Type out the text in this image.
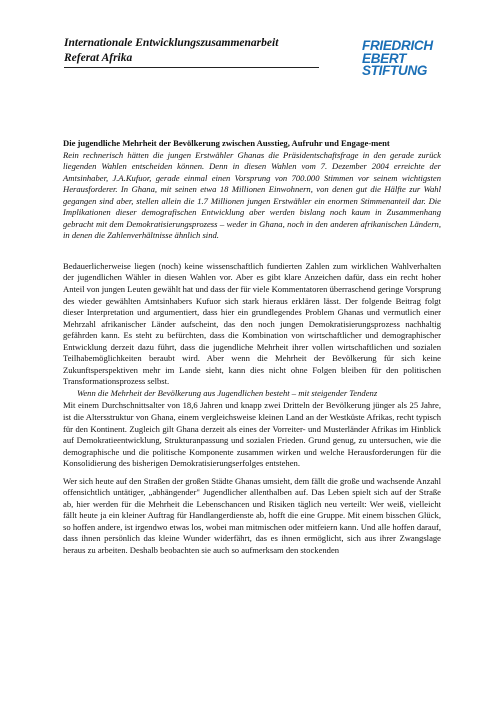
Internationale Entwicklungszusammenarbeit
Referat Afrika
FRIEDRICH
EBERT
STIFTUNG
Die jugendliche Mehrheit der Bevölkerung zwischen Ausstieg, Aufruhr und Engage-ment
Rein rechnerisch hätten die jungen Erstwähler Ghanas die Präsidentschaftsfrage in den gerade zurück liegenden Wahlen entscheiden können. Denn in diesen Wahlen vom 7. Dezember 2004 erreichte der Amtsinhaber, J.A.Kufuor, gerade einmal einen Vorsprung von 700.000 Stimmen vor seinem wichtigsten Herausforderer. In Ghana, mit seinen etwa 18 Millionen Einwohnern, von denen gut die Hälfte zur Wahl gegangen sind aber, stellen allein die 1.7 Millionen jungen Erstwähler ein enormen Stimmenanteil dar. Die Implikationen dieser demografischen Entwicklung aber werden bislang noch kaum in Zusammenhang gebracht mit dem Demokratisierungsprozess – weder in Ghana, noch in den anderen afrikanischen Ländern, in denen die Zahlenverhältnisse ähnlich sind.
Bedauerlicherweise liegen (noch) keine wissenschaftlich fundierten Zahlen zum wirklichen Wahlverhalten der jugendlichen Wähler in diesen Wahlen vor. Aber es gibt klare Anzeichen dafür, dass ein recht hoher Anteil von jungen Leuten gewählt hat und dass der für viele Kommentatoren überraschend geringe Vorsprung des wieder gewählten Amtsinhabers Kufuor sich stark hieraus erklären lässt. Der folgende Beitrag folgt dieser Interpretation und argumentiert, dass hier ein grundlegendes Problem Ghanas und vermutlich einer Mehrzahl afrikanischer Länder aufscheint, das den noch jungen Demokratisierungsprozess nachhaltig gefährden kann. Es steht zu befürchten, dass die Kombination von wirtschaftlicher und demographischer Entwicklung derzeit dazu führt, dass die jugendliche Mehrheit ihrer vollen wirtschaftlichen und sozialen Teilhabemöglichkeiten beraubt wird. Aber wenn die Mehrheit der Bevölkerung für sich keine Zukunftsperspektiven mehr im Lande sieht, kann dies nicht ohne Folgen bleiben für den politischen Transformationsprozess selbst.
Wenn die Mehrheit der Bevölkerung aus Jugendlichen besteht – mit steigender Tendenz
Mit einem Durchschnittsalter von 18,6 Jahren und knapp zwei Dritteln der Bevölkerung jünger als 25 Jahre, ist die Altersstruktur von Ghana, einem vergleichsweise kleinen Land an der Westküste Afrikas, recht typisch für den Kontinent. Zugleich gilt Ghana derzeit als eines der Vorreiter- und Musterländer Afrikas im Hinblick auf Demokratieentwicklung, Strukturanpassung und sozialen Frieden. Grund genug, zu untersuchen, wie die demographische und die politische Komponente zusammen wirken und welche Herausforderungen für die Konsolidierung des bisherigen Demokratisierungserfolges entstehen.
Wer sich heute auf den Straßen der großen Städte Ghanas umsieht, dem fällt die große und wachsende Anzahl offensichtlich untätiger, „abhängender" Jugendlicher allenthalben auf. Das Leben spielt sich auf der Straße ab, hier werden für die Mehrheit die Lebenschancen und Risiken täglich neu verteilt: Wer weiß, vielleicht fällt heute ja ein kleiner Auftrag für Handlangerdienste ab, hofft die eine Gruppe. Mit einem bisschen Glück, so hoffen andere, ist irgendwo etwas los, wobei man mitmischen oder mitfeiern kann. Und alle hoffen darauf, dass ihnen persönlich das kleine Wunder widerfährt, das es ihnen ermöglicht, sich aus ihrer Zwangslage heraus zu arbeiten. Deshalb beobachten sie auch so aufmerksam den stockenden
